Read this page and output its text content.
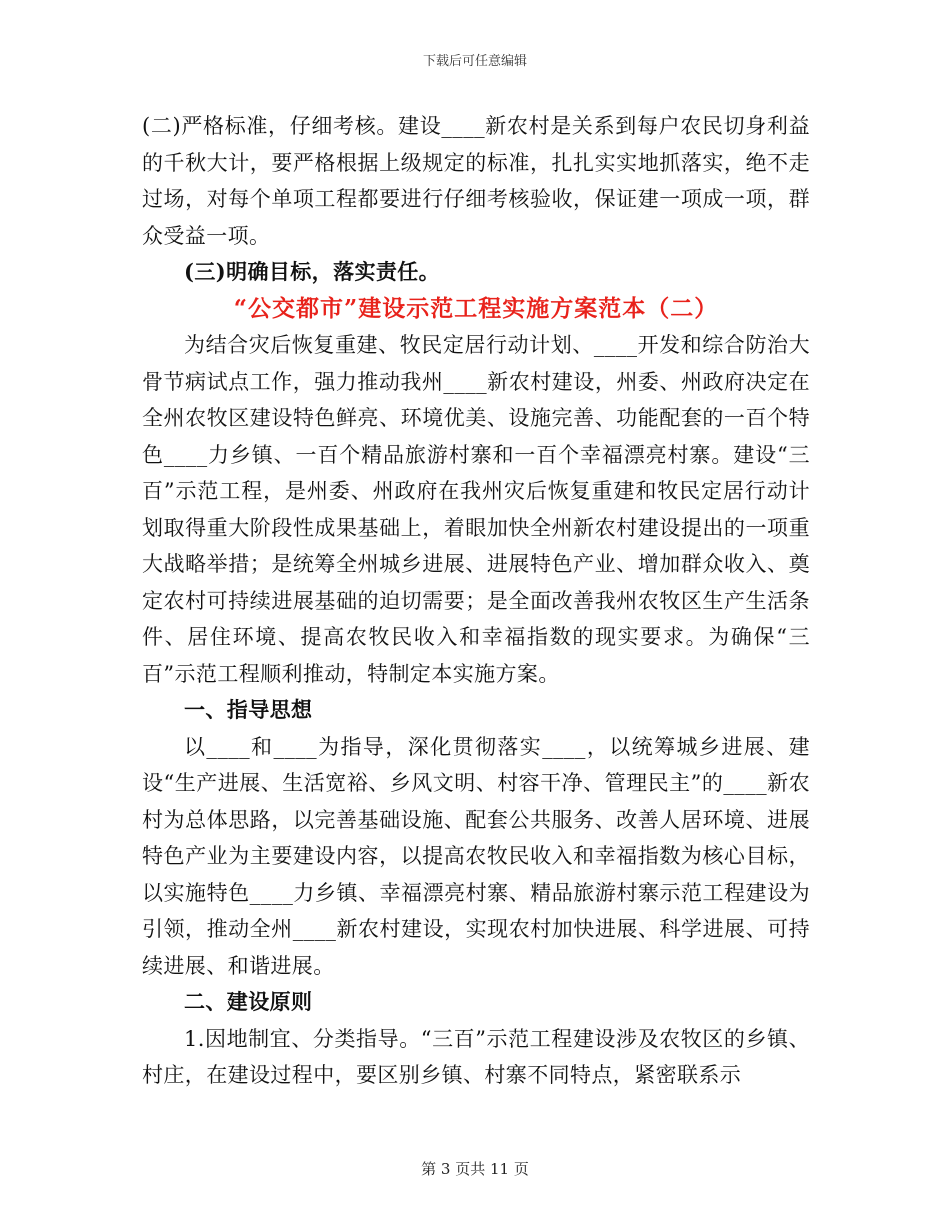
下载后可任意编辑

(二)严格标准，仔细考核。建设____新农村是关系到每户农民切身利益的千秋大计，要严格根据上级规定的标准，扎扎实实地抓落实，绝不走过场，对每个单项工程都要进行仔细考核验收，保证建一项成一项，群众受益一项。

(三)明确目标，落实责任。

“公交都市”建设示范工程实施方案范本（二）

为结合灾后恢复重建、牧民定居行动计划、____开发和综合防治大骨节病试点工作，强力推动我州____新农村建设，州委、州政府决定在全州农牧区建设特色鲜亮、环境优美、设施完善、功能配套的一百个特色____力乡镇、一百个精品旅游村寨和一百个幸福漂亮村寨。建设“三百”示范工程，是州委、州政府在我州灾后恢复重建和牧民定居行动计划取得重大阶段性成果基础上，着眼加快全州新农村建设提出的一项重大战略举措；是统筹全州城乡进展、进展特色产业、增加群众收入、奠定农村可持续进展基础的迫切需要；是全面改善我州农牧区生产生活条件、居住环境、提高农牧民收入和幸福指数的现实要求。为确保“三百”示范工程顺利推动，特制定本实施方案。

一、指导思想

以____和____为指导，深化贯彻落实____，以统筹城乡进展、建设“生产进展、生活宽裕、乡风文明、村容干净、管理民主”的____新农村为总体思路，以完善基础设施、配套公共服务、改善人居环境、进展特色产业为主要建设内容，以提高农牧民收入和幸福指数为核心目标，以实施特色____力乡镇、幸福漂亮村寨、精品旅游村寨示范工程建设为引领，推动全州____新农村建设，实现农村加快进展、科学进展、可持续进展、和谐进展。

二、建设原则

1.因地制宜、分类指导。“三百”示范工程建设涉及农牧区的乡镇、村庄，在建设过程中，要区别乡镇、村寨不同特点，紧密联系示

第 3 页共 11 页
